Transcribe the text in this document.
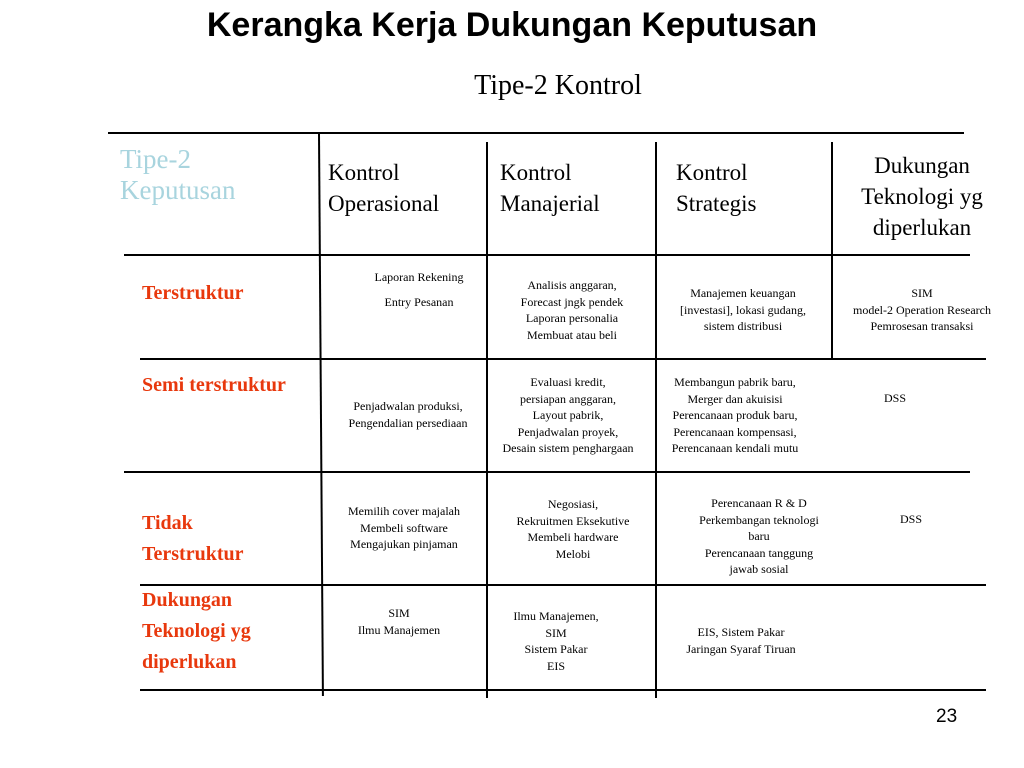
Kerangka Kerja Dukungan Keputusan
Tipe-2 Kontrol
Tipe-2
Keputusan
Kontrol
Operasional
Kontrol
Manajerial
Kontrol
Strategis
Dukungan
Teknologi yg
diperlukan
Terstruktur
Semi terstruktur
Tidak
Terstruktur
Dukungan
Teknologi yg
diperlukan
Laporan Rekening
Entry Pesanan
Analisis anggaran,
Forecast jngk pendek
Laporan personalia
Membuat atau beli
Manajemen keuangan
[investasi], lokasi gudang,
sistem distribusi
SIM
model-2 Operation Research
Pemrosesan transaksi
Penjadwalan produksi,
Pengendalian persediaan
Evaluasi kredit,
persiapan anggaran,
Layout pabrik,
Penjadwalan proyek,
Desain sistem penghargaan
Membangun pabrik baru,
Merger dan akuisisi
Perencanaan produk baru,
Perencanaan kompensasi,
Perencanaan kendali mutu
DSS
Memilih cover majalah
Membeli software
Mengajukan pinjaman
Negosiasi,
Rekruitmen Eksekutive
Membeli hardware
Melobi
Perencanaan R & D
Perkembangan teknologi
baru
Perencanaan tanggung
jawab sosial
DSS
SIM
Ilmu Manajemen
Ilmu Manajemen,
SIM
Sistem Pakar
EIS
EIS, Sistem Pakar
Jaringan Syaraf Tiruan
23
